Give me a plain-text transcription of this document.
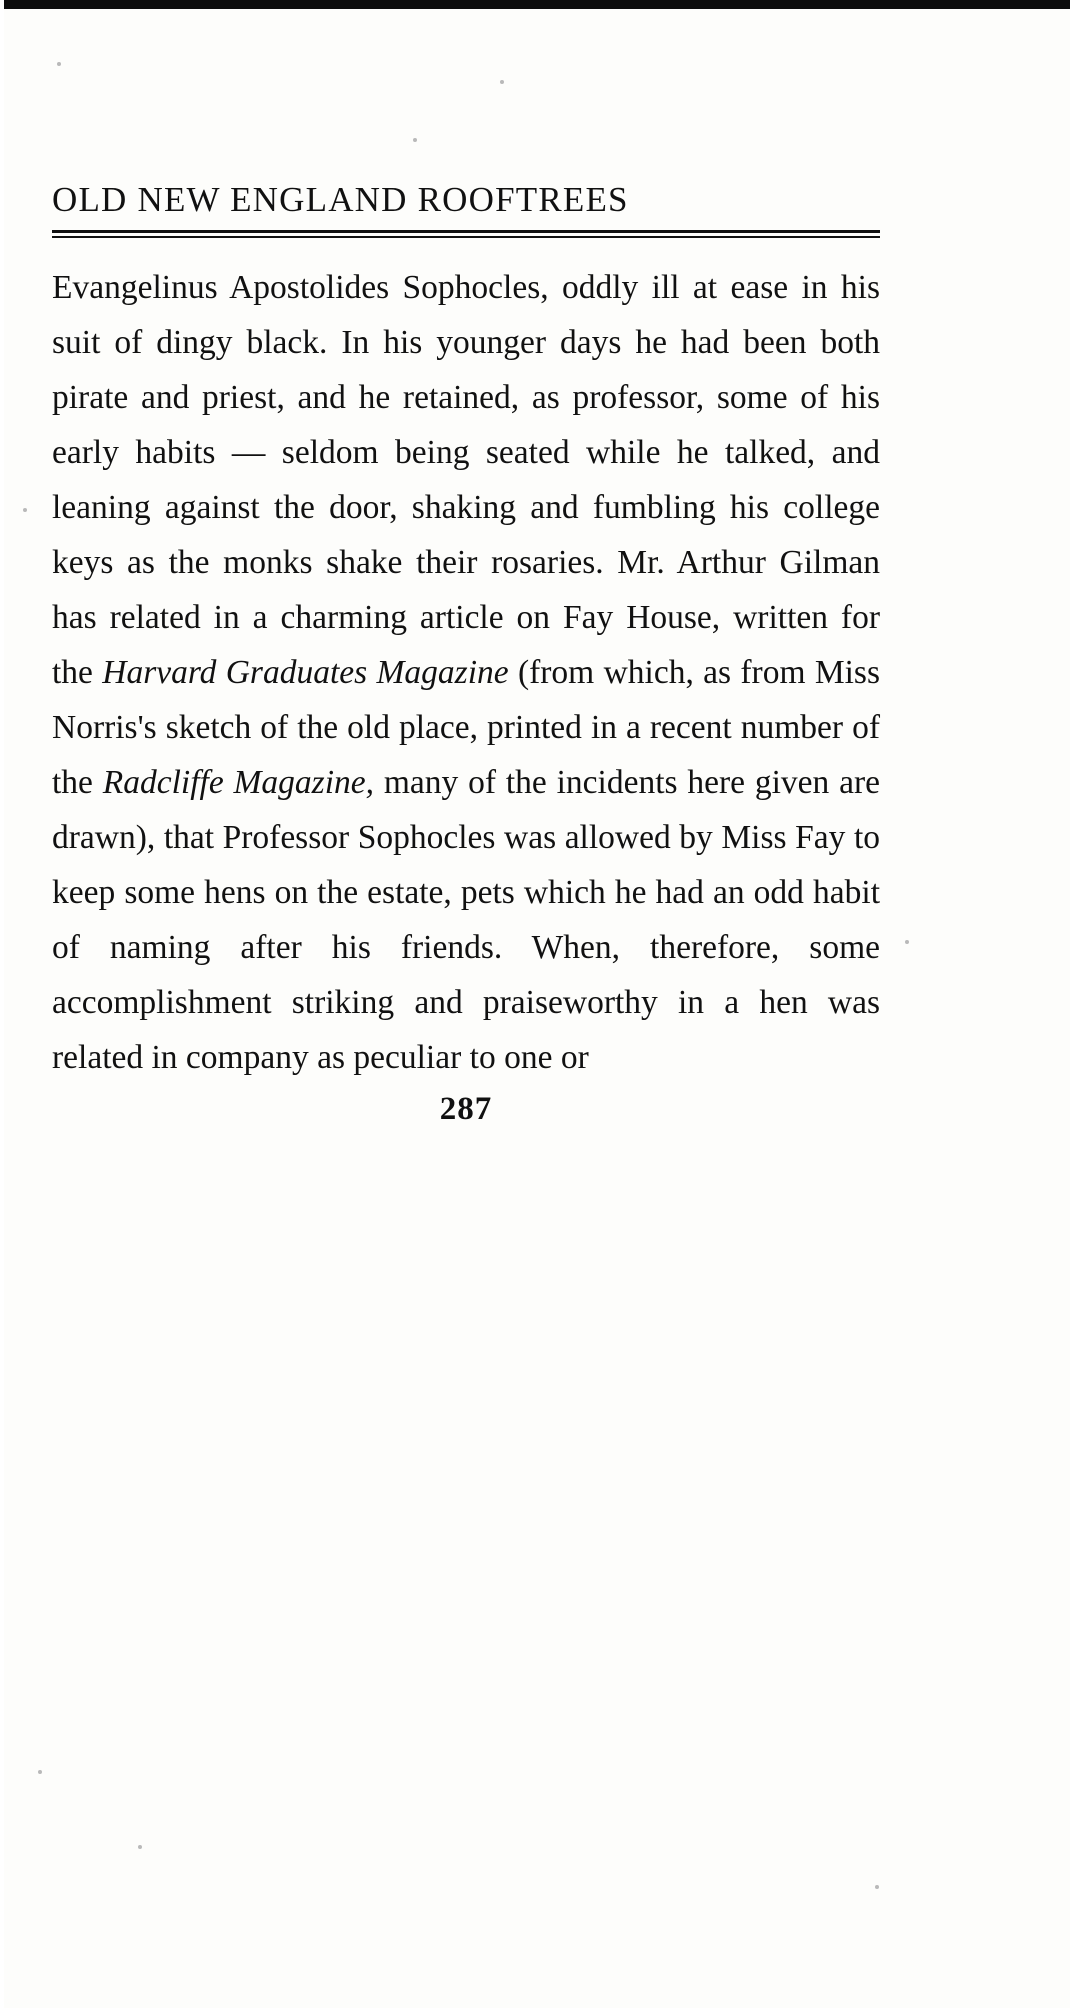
OLD NEW ENGLAND ROOFTREES
Evangelinus Apostolides Sophocles, oddly ill at ease in his suit of dingy black. In his younger days he had been both pirate and priest, and he retained, as professor, some of his early habits — seldom being seated while he talked, and leaning against the door, shaking and fumbling his college keys as the monks shake their rosaries. Mr. Arthur Gilman has related in a charming article on Fay House, written for the Harvard Graduates Magazine (from which, as from Miss Norris's sketch of the old place, printed in a recent number of the Radcliffe Magazine, many of the incidents here given are drawn), that Professor Sophocles was allowed by Miss Fay to keep some hens on the estate, pets which he had an odd habit of naming after his friends. When, therefore, some accomplishment striking and praiseworthy in a hen was related in company as peculiar to one or
287
